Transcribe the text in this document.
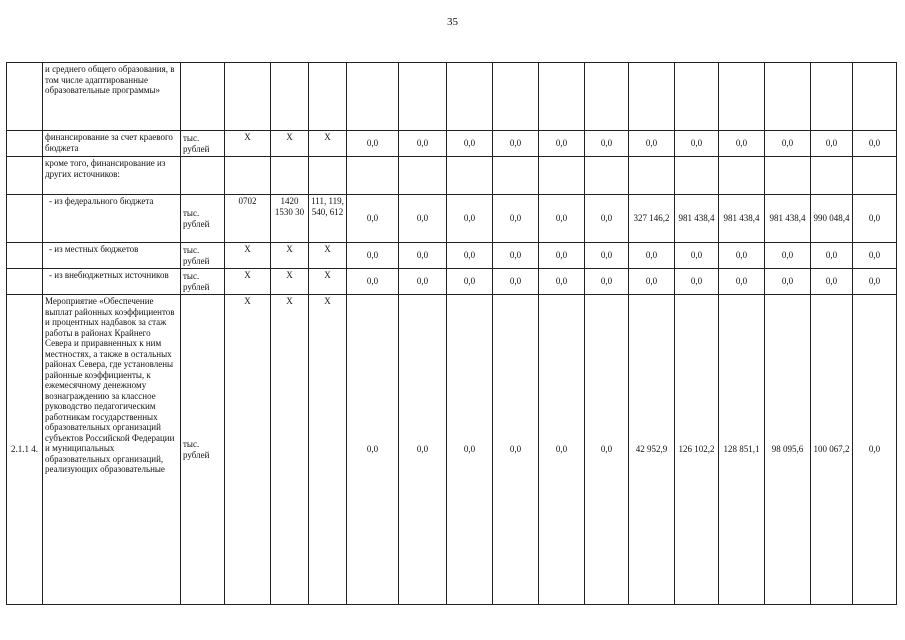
35
	и среднего общего образования, в том числе адаптированные образовательные программы»																
	финансирование за счет краевого бюджета	тыс. рублей	Х	Х	Х	0,0	0,0	0,0	0,0	0,0	0,0	0,0	0,0	0,0	0,0	0,0	0,0
	кроме того, финансирование из других источников:																
	- из федерального бюджета	тыс. рублей	0702	1420 1530 30	111, 119, 540, 612	0,0	0,0	0,0	0,0	0,0	0,0	327 146,2	981 438,4	981 438,4	981 438,4	990 048,4	0,0
	- из местных бюджетов	тыс. рублей	Х	Х	Х	0,0	0,0	0,0	0,0	0,0	0,0	0,0	0,0	0,0	0,0	0,0	0,0
	- из внебюджетных источников	тыс. рублей	Х	Х	Х	0,0	0,0	0,0	0,0	0,0	0,0	0,0	0,0	0,0	0,0	0,0	0,0
2.1.1 4.	Мероприятие «Обеспечение выплат районных коэффициентов и процентных надбавок за стаж работы в районах Крайнего Севера и приравненных к ним местностях, а также в остальных районах Севера, где установлены районные коэффициенты, к ежемесячному денежному вознаграждению за классное руководство педагогическим работникам государственных образовательных организаций субъектов Российской Федерации и муниципальных образовательных организаций, реализующих образовательные	тыс. рублей	Х	Х	Х	0,0	0,0	0,0	0,0	0,0	0,0	42 952,9	126 102,2	128 851,1	98 095,6	100 067,2	0,0
